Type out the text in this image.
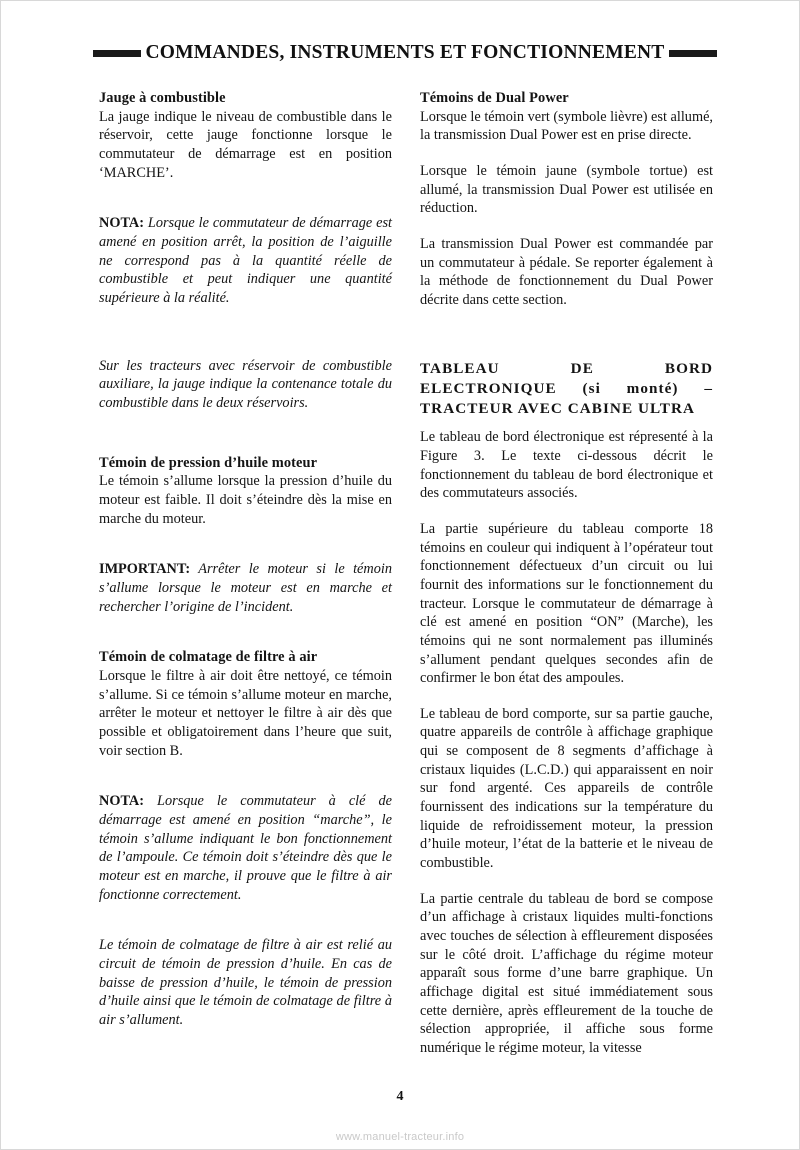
COMMANDES, INSTRUMENTS ET FONCTIONNEMENT
Jauge à combustible

La jauge indique le niveau de combustible dans le réservoir, cette jauge fonctionne lorsque le commutateur de démarrage est en position ‘MARCHE’.

NOTA: Lorsque le commutateur de démarrage est amené en position arrêt, la position de l’aiguille ne correspond pas à la quantité réelle de combustible et peut indiquer une quantité supérieure à la réalité.

Sur les tracteurs avec réservoir de combustible auxiliare, la jauge indique la contenance totale du combustible dans le deux réservoirs.

Témoin de pression d’huile moteur

Le témoin s’allume lorsque la pression d’huile du moteur est faible. Il doit s’éteindre dès la mise en marche du moteur.

IMPORTANT: Arrêter le moteur si le témoin s’allume lorsque le moteur est en marche et rechercher l’origine de l’incident.

Témoin de colmatage de filtre à air

Lorsque le filtre à air doit être nettoyé, ce témoin s’allume. Si ce témoin s’allume moteur en marche, arrêter le moteur et nettoyer le filtre à air dès que possible et obligatoirement dans l’heure que suit, voir section B.

NOTA: Lorsque le commutateur à clé de démarrage est amené en position “marche”, le témoin s’allume indiquant le bon fonctionnement de l’ampoule. Ce témoin doit s’éteindre dès que le moteur est en marche, il prouve que le filtre à air fonctionne correctement.

Le témoin de colmatage de filtre à air est relié au circuit de témoin de pression d’huile. En cas de baisse de pression d’huile, le témoin de pression d’huile ainsi que le témoin de colmatage de filtre à air s’allument.

Témoins de Dual Power

Lorsque le témoin vert (symbole lièvre) est allumé, la transmission Dual Power est en prise directe.

Lorsque le témoin jaune (symbole tortue) est allumé, la transmission Dual Power est utilisée en réduction.

La transmission Dual Power est commandée par un commutateur à pédale. Se reporter également à la méthode de fonctionnement du Dual Power décrite dans cette section.

TABLEAU DE BORD ELECTRONIQUE (si monté) – TRACTEUR AVEC CABINE ULTRA

Le tableau de bord électronique est répresenté à la Figure 3. Le texte ci-dessous décrit le fonctionnement du tableau de bord électronique et des commutateurs associés.

La partie supérieure du tableau comporte 18 témoins en couleur qui indiquent à l’opérateur tout fonctionnement défectueux d’un circuit ou lui fournit des informations sur le fonctionnement du tracteur. Lorsque le commutateur de démarrage à clé est amené en position “ON” (Marche), les témoins qui ne sont normalement pas illuminés s’allument pendant quelques secondes afin de confirmer le bon état des ampoules.

Le tableau de bord comporte, sur sa partie gauche, quatre appareils de contrôle à affichage graphique qui se composent de 8 segments d’affichage à cristaux liquides (L.C.D.) qui apparaissent en noir sur fond argenté. Ces appareils de contrôle fournissent des indications sur la température du liquide de refroidissement moteur, la pression d’huile moteur, l’état de la batterie et le niveau de combustible.

La partie centrale du tableau de bord se compose d’un affichage à cristaux liquides multi-fonctions avec touches de sélection à effleurement disposées sur le côté droit. L’affichage du régime moteur apparaît sous forme d’une barre graphique. Un affichage digital est situé immédiatement sous cette dernière, après effleurement de la touche de sélection appropriée, il affiche sous forme numérique le régime moteur, la vitesse

4
www.manuel-tracteur.info
